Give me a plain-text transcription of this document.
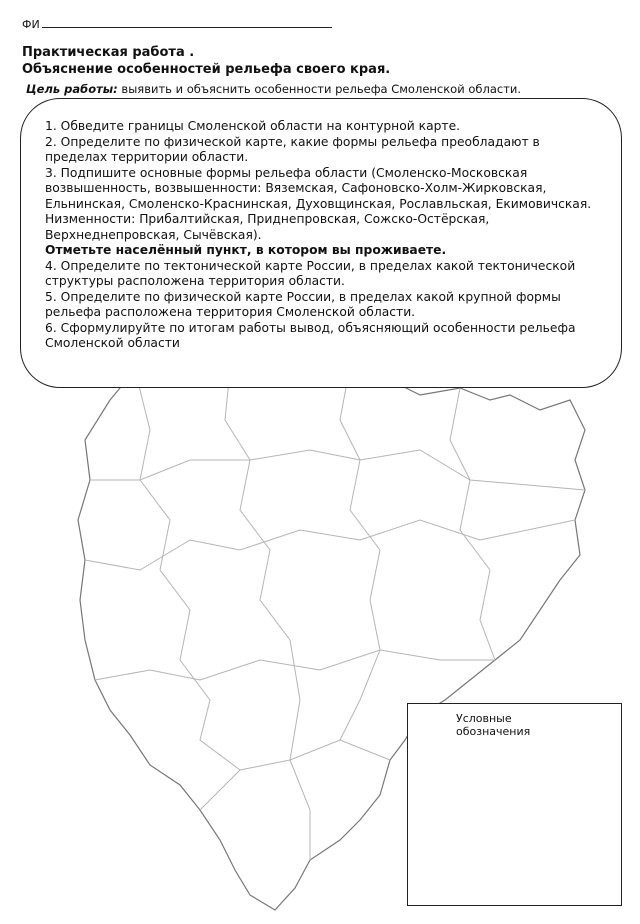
ФИ
Практическая работа .
Объяснение особенностей рельефа своего края.
Цель работы: выявить и объяснить особенности рельефа Смоленской области.

1. Обведите границы Смоленской области на контурной карте.

2. Определите по физической карте, какие формы рельефа преобладают в пределах территории области.

3. Подпишите основные формы рельефа области (Смоленско-Московская возвышенность, возвышенности: Вяземская, Сафоновско-Холм-Жирковская, Ельнинская, Смоленско-Краснинская, Духовщинская, Рославльская, Екимовичская. Низменности: Прибалтийская, Приднепровская, Сожско-Остёрская, Верхнеднепровская, Сычёвская).

Отметьте населённый пункт, в котором вы проживаете.

4. Определите по тектонической карте России, в пределах какой тектонической структуры расположена территория области.

5. Определите по физической карте России, в пределах какой крупной формы рельефа расположена территория Смоленской области.

6. Сформулируйте по итогам работы вывод, объясняющий особенности рельефа Смоленской области

Условные
обозначения
